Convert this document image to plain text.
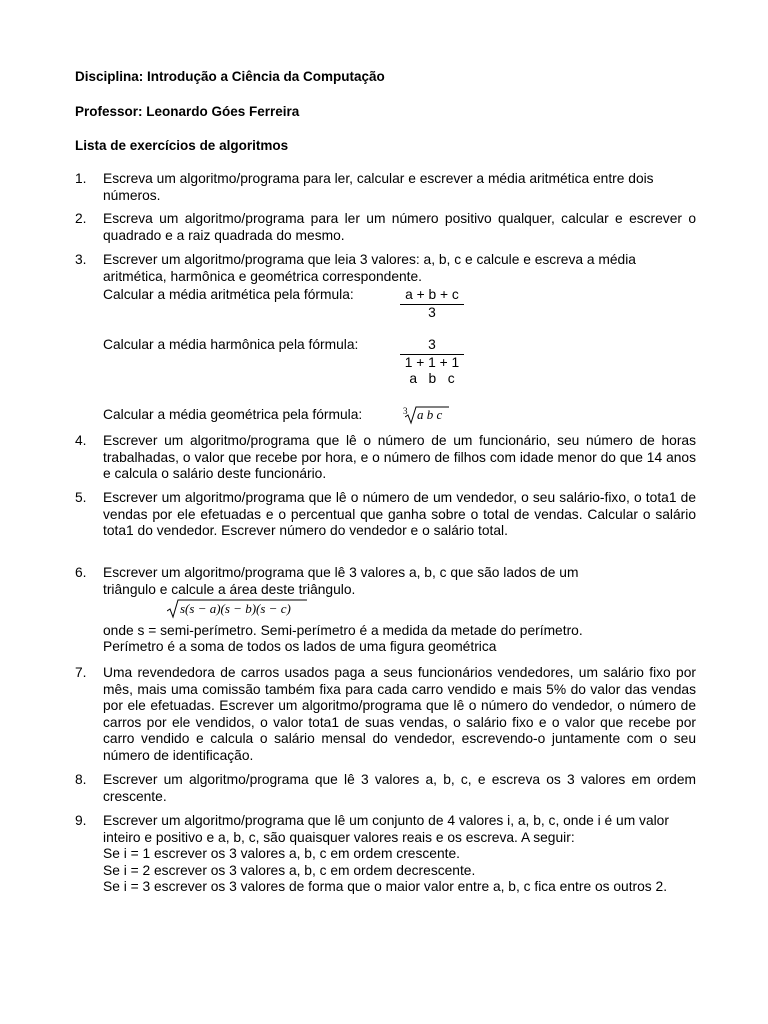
Disciplina: Introdução a Ciência da Computação
Professor: Leonardo Góes Ferreira
Lista de exercícios de algoritmos
1. Escreva um algoritmo/programa para ler, calcular e escrever a média aritmética entre dois números.
2. Escreva um algoritmo/programa para ler um número positivo qualquer, calcular e escrever o quadrado e a raiz quadrada do mesmo.
3. Escrever um algoritmo/programa que leia 3 valores: a, b, c e calcule e escreva a média aritmética, harmônica e geométrica correspondente.
Calcular a média aritmética pela fórmula:	$\frac{a + b + c}{3}$
Calcular a média harmônica pela fórmula:	3
1 + 1 + 1
a   b   c
Calcular a média geométrica pela fórmula:	3 a b c
4. Escrever um algoritmo/programa que lê o número de um funcionário, seu número de horas trabalhadas, o valor que recebe por hora, e o número de filhos com idade menor do que 14 anos e calcula o salário deste funcionário.
5. Escrever um algoritmo/programa que lê o número de um vendedor, o seu salário-fixo, o tota1 de vendas por ele efetuadas e o percentual que ganha sobre o total de vendas. Calcular o salário tota1 do vendedor. Escrever número do vendedor e o salário total.
6. Escrever um algoritmo/programa que lê 3 valores a, b, c que são lados de um
triângulo e calcule a área deste triângulo.
s(s − a)(s − b)(s − c)
onde s = semi-perímetro. Semi-perímetro é a medida da metade do perímetro.
Perímetro é a soma de todos os lados de uma figura geométrica
7. Uma revendedora de carros usados paga a seus funcionários vendedores, um salário fixo por mês, mais uma comissão também fixa para cada carro vendido e mais 5% do valor das vendas por ele efetuadas. Escrever um algoritmo/programa que lê o número do vendedor, o número de carros por ele vendidos, o valor tota1 de suas vendas, o salário fixo e o valor que recebe por carro vendido e calcula o salário mensal do vendedor, escrevendo-o juntamente com o seu número de identificação.
8. Escrever um algoritmo/programa que lê 3 valores a, b, c, e escreva os 3 valores em ordem crescente.
9. Escrever um algoritmo/programa que lê um conjunto de 4 valores i, a, b, c, onde i é um valor inteiro e positivo e a, b, c, são quaisquer valores reais e os escreva. A seguir:
Se i = 1 escrever os 3 valores a, b, c em ordem crescente.
Se i = 2 escrever os 3 valores a, b, c em ordem decrescente.
Se i = 3 escrever os 3 valores de forma que o maior valor entre a, b, c fica entre os outros 2.
